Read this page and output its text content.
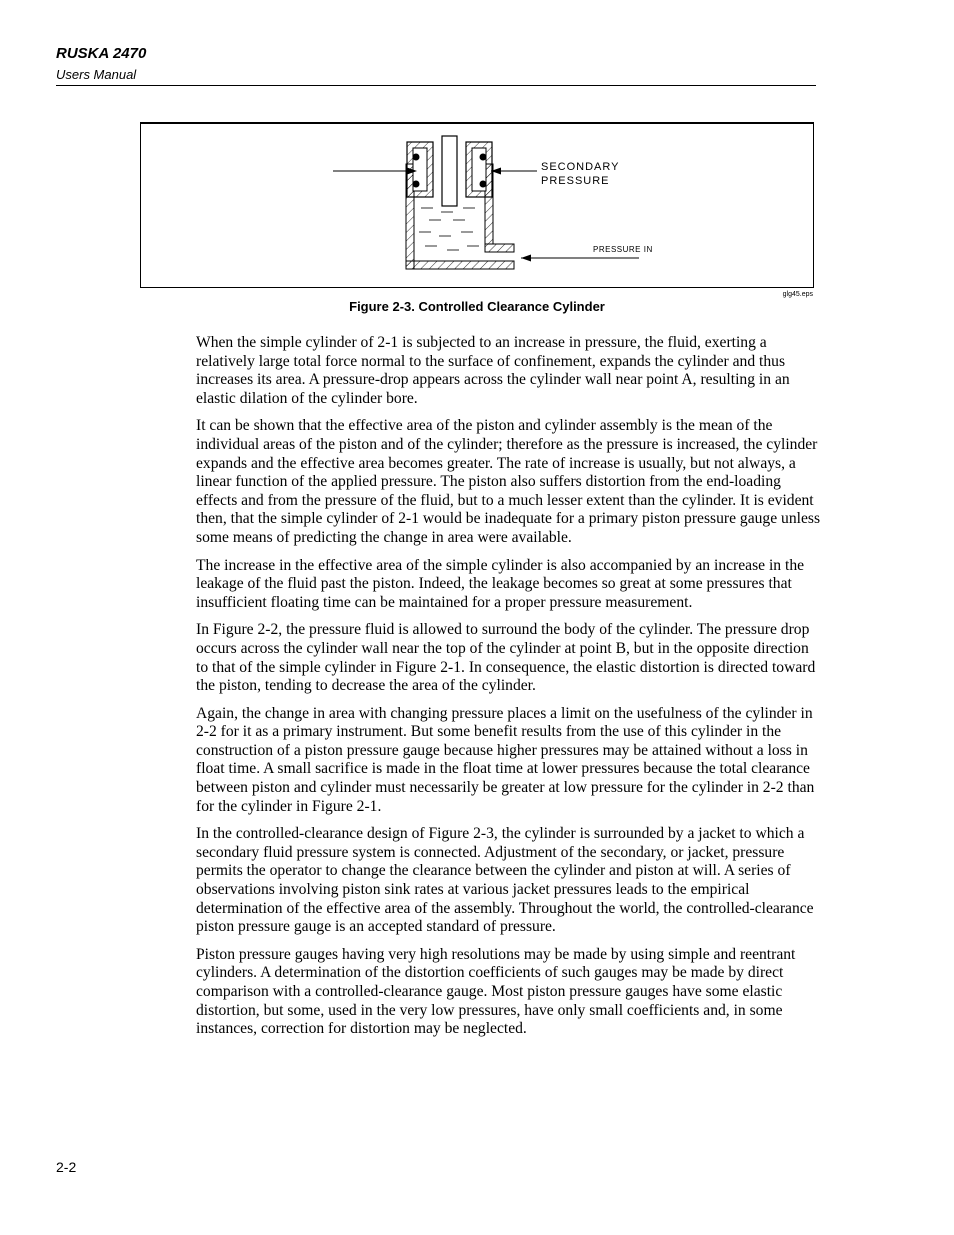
RUSKA 2470
Users Manual
SECONDARY
PRESSURE
PRESSURE IN
glg45.eps
Figure 2-3. Controlled Clearance Cylinder

When the simple cylinder of 2-1 is subjected to an increase in pressure, the fluid, exerting a relatively large total force normal to the surface of confinement, expands the cylinder and thus increases its area. A pressure-drop appears across the cylinder wall near point A, resulting in an elastic dilation of the cylinder bore.

It can be shown that the effective area of the piston and cylinder assembly is the mean of the individual areas of the piston and of the cylinder; therefore as the pressure is increased, the cylinder expands and the effective area becomes greater. The rate of increase is usually, but not always, a linear function of the applied pressure. The piston also suffers distortion from the end-loading effects and from the pressure of the fluid, but to a much lesser extent than the cylinder. It is evident then, that the simple cylinder of 2-1 would be inadequate for a primary piston pressure gauge unless some means of predicting the change in area were available.

The increase in the effective area of the simple cylinder is also accompanied by an increase in the leakage of the fluid past the piston. Indeed, the leakage becomes so great at some pressures that insufficient floating time can be maintained for a proper pressure measurement.

In Figure 2-2, the pressure fluid is allowed to surround the body of the cylinder. The pressure drop occurs across the cylinder wall near the top of the cylinder at point B, but in the opposite direction to that of the simple cylinder in Figure 2-1. In consequence, the elastic distortion is directed toward the piston, tending to decrease the area of the cylinder.

Again, the change in area with changing pressure places a limit on the usefulness of the cylinder in 2-2 for it as a primary instrument. But some benefit results from the use of this cylinder in the construction of a piston pressure gauge because higher pressures may be attained without a loss in float time. A small sacrifice is made in the float time at lower pressures because the total clearance between piston and cylinder must necessarily be greater at low pressure for the cylinder in 2-2 than for the cylinder in Figure 2-1.

In the controlled-clearance design of Figure 2-3, the cylinder is surrounded by a jacket to which a secondary fluid pressure system is connected. Adjustment of the secondary, or jacket, pressure permits the operator to change the clearance between the cylinder and piston at will. A series of observations involving piston sink rates at various jacket pressures leads to the empirical determination of the effective area of the assembly. Throughout the world, the controlled-clearance piston pressure gauge is an accepted standard of pressure.

Piston pressure gauges having very high resolutions may be made by using simple and reentrant cylinders. A determination of the distortion coefficients of such gauges may be made by direct comparison with a controlled-clearance gauge. Most piston pressure gauges have some elastic distortion, but some, used in the very low pressures, have only small coefficients and, in some instances, correction for distortion may be neglected.

2-2
